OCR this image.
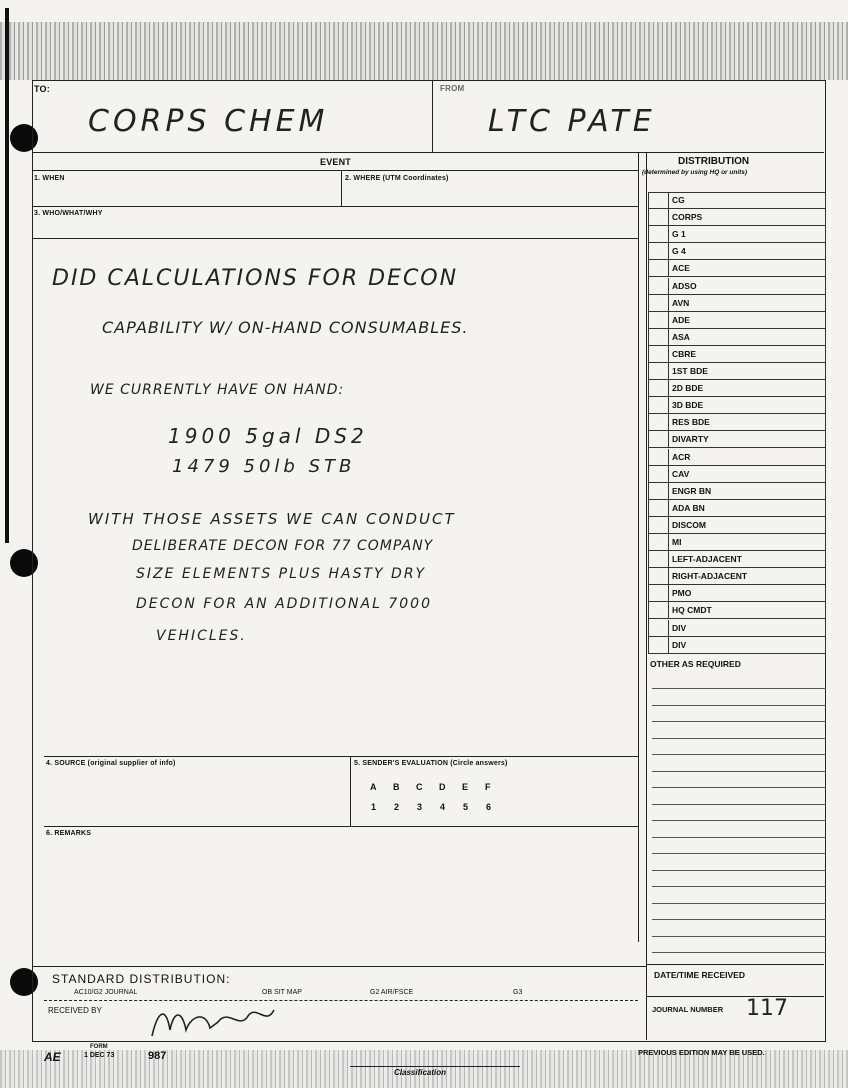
TO:	FROM
CORPS CHEM	LTC PATE
EVENT
1. WHEN	2. WHERE (UTM Coordinates)
3. WHO/WHAT/WHY
DID CALCULATIONS FOR DECON
CAPABILITY W/ ON-HAND CONSUMABLES.
WE CURRENTLY HAVE ON HAND:
1900 5gal DS2
1479 50lb STB
WITH THOSE ASSETS WE CAN CONDUCT
DELIBERATE DECON FOR 77 COMPANY
SIZE ELEMENTS PLUS HASTY DRY
DECON FOR AN ADDITIONAL 7000
VEHICLES.
4. SOURCE (original supplier of info)	5. SENDER'S EVALUATION (Circle answers)
A B C D E F
1 2 3 4 5 6
6. REMARKS
STANDARD DISTRIBUTION:
AC10/G2 JOURNAL	OB SIT MAP	G2 AIR/FSCE	G3
RECEIVED BY
AE
FORM
1 DEC 73	987
Classification
PREVIOUS EDITION MAY BE USED.
DISTRIBUTION
(determined by using HQ or units)
CG
CORPS
G 1
G 4
ACE
ADSO
AVN
ADE
ASA
CBRE
1ST BDE
2D BDE
3D BDE
RES BDE
DIVARTY
ACR
CAV
ENGR BN
ADA BN
DISCOM
MI
LEFT-ADJACENT
RIGHT-ADJACENT
PMO
HQ CMDT
DIV
DIV
OTHER AS REQUIRED
DATE/TIME RECEIVED
JOURNAL NUMBER 117
